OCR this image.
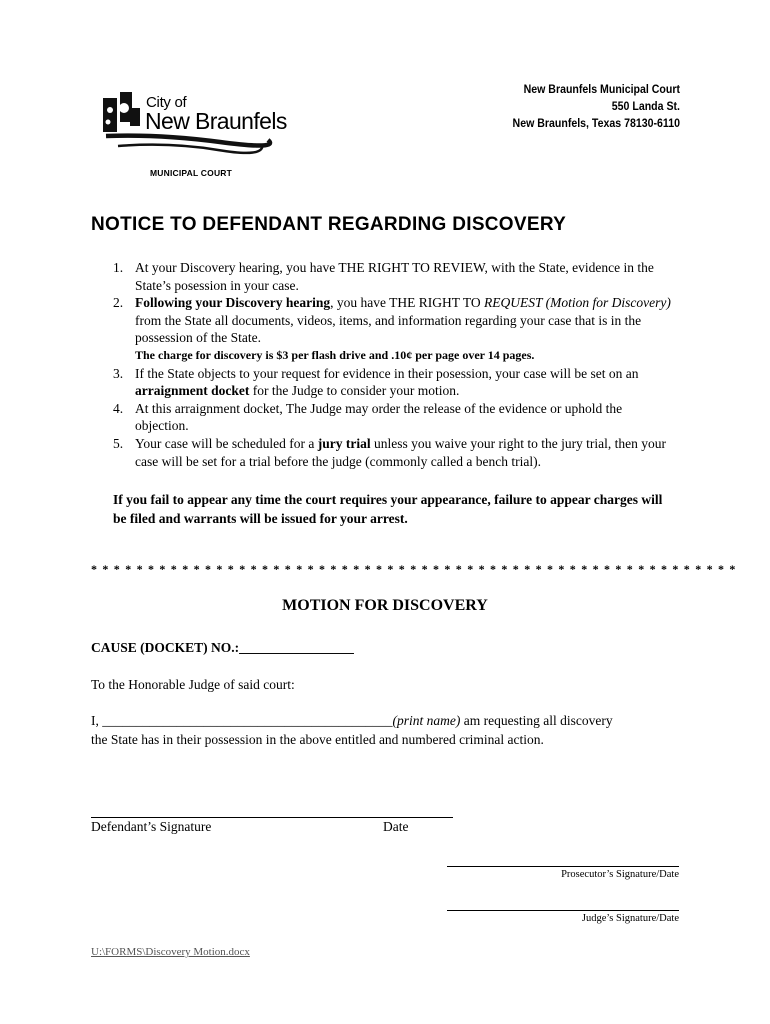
City of
New Braunfels
MUNICIPAL COURT
New Braunfels Municipal Court
550 Landa St.
New Braunfels, Texas 78130-6110
NOTICE TO DEFENDANT REGARDING DISCOVERY
1. At your Discovery hearing, you have THE RIGHT TO REVIEW, with the State, evidence in the State’s posession in your case.
2. Following your Discovery hearing, you have THE RIGHT TO REQUEST (Motion for Discovery) from the State all documents, videos, items, and information regarding your case that is in the possession of the State.
The charge for discovery is $3 per flash drive and .10¢ per page over 14 pages.
3. If the State objects to your request for evidence in their posession, your case will be set on an arraignment docket for the Judge to consider your motion.
4. At this arraignment docket, The Judge may order the release of the evidence or uphold the objection.
5. Your case will be scheduled for a jury trial unless you waive your right to the jury trial, then your case will be set for a trial before the judge (commonly called a bench trial).
If you fail to appear any time the court requires your appearance, failure to appear charges will be filed and warrants will be issued for your arrest.
* * * * * * * * * * * * * * * * * * * * * * * * * * * * * * * * * * * * * * * * * * * * * * * * * * * * * * * * *
MOTION FOR DISCOVERY
CAUSE (DOCKET) NO.:_________________
To the Honorable Judge of said court:
I, ___________________________________________(print name) am requesting all discovery
the State has in their possession in the above entitled and numbered criminal action.
Defendant’s Signature	Date
Prosecutor’s Signature/Date
Judge’s Signature/Date
U:\FORMS\Discovery Motion.docx
